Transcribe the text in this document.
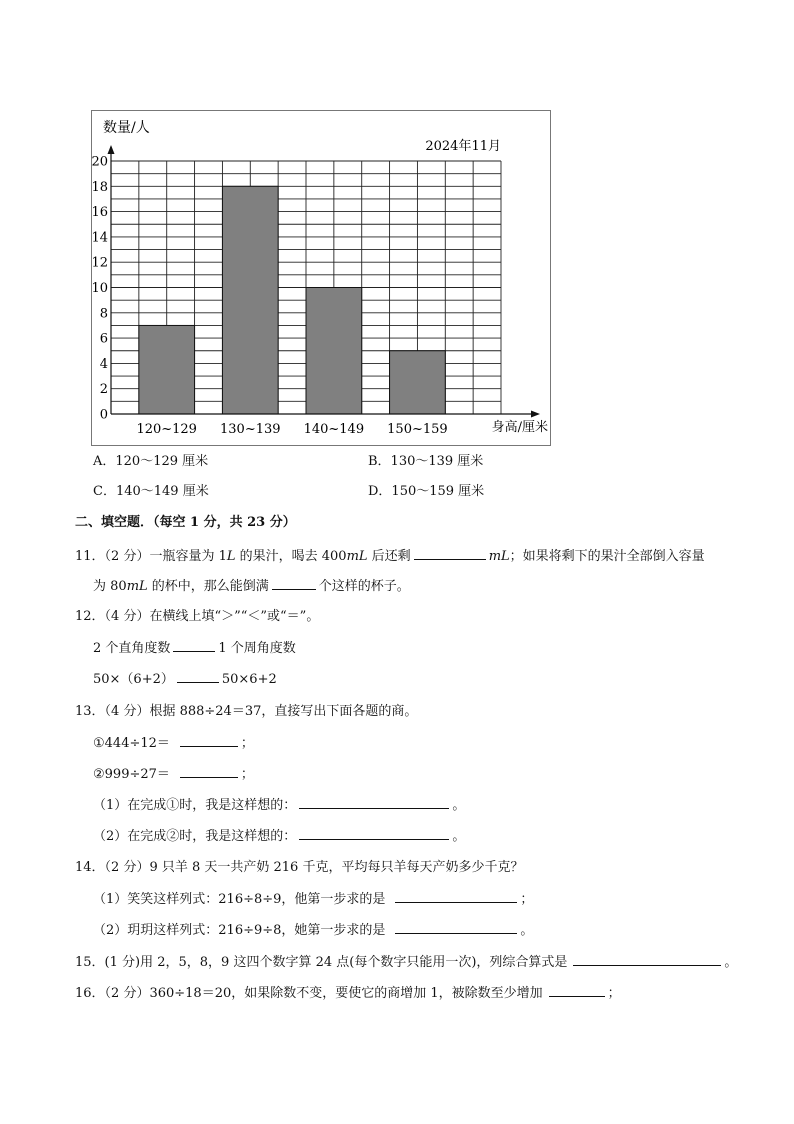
0
2
4
6
8
10
12
14
16
18
20
120~129 130~139 140~149 150~159
2024年11月
数量/人
身高/厘米
A．120～129 厘米	B．130～139 厘米
C．140～149 厘米	D．150～159 厘米
二、填空题．（每空 1 分，共 23 分）
11．（2 分）一瓶容量为 1L 的果汁，喝去 400mL 后还剩	mL；如果将剩下的果汁全部倒入容量
为 80mL 的杯中，那么能倒满	个这样的杯子。
12．（4 分）在横线上填“＞”“＜”或“＝”。
2 个直角度数	1 个周角度数
50×（6+2）	50×6+2
13．（4 分）根据 888÷24＝37，直接写出下面各题的商。
①444÷12＝	；
②999÷27＝	；
（1）在完成①时，我是这样想的：	。
（2）在完成②时，我是这样想的：	。
14．（2 分）9 只羊 8 天一共产奶 216 千克，平均每只羊每天产奶多少千克？
（1）笑笑这样列式：216÷8÷9，他第一步求的是	；
（2）玥玥这样列式：216÷9÷8，她第一步求的是	。
15．(1 分)用 2，5，8，9 这四个数字算 24 点(每个数字只能用一次)，列综合算式是	。
16．（2 分）360÷18＝20，如果除数不变，要使它的商增加 1，被除数至少增加	；
